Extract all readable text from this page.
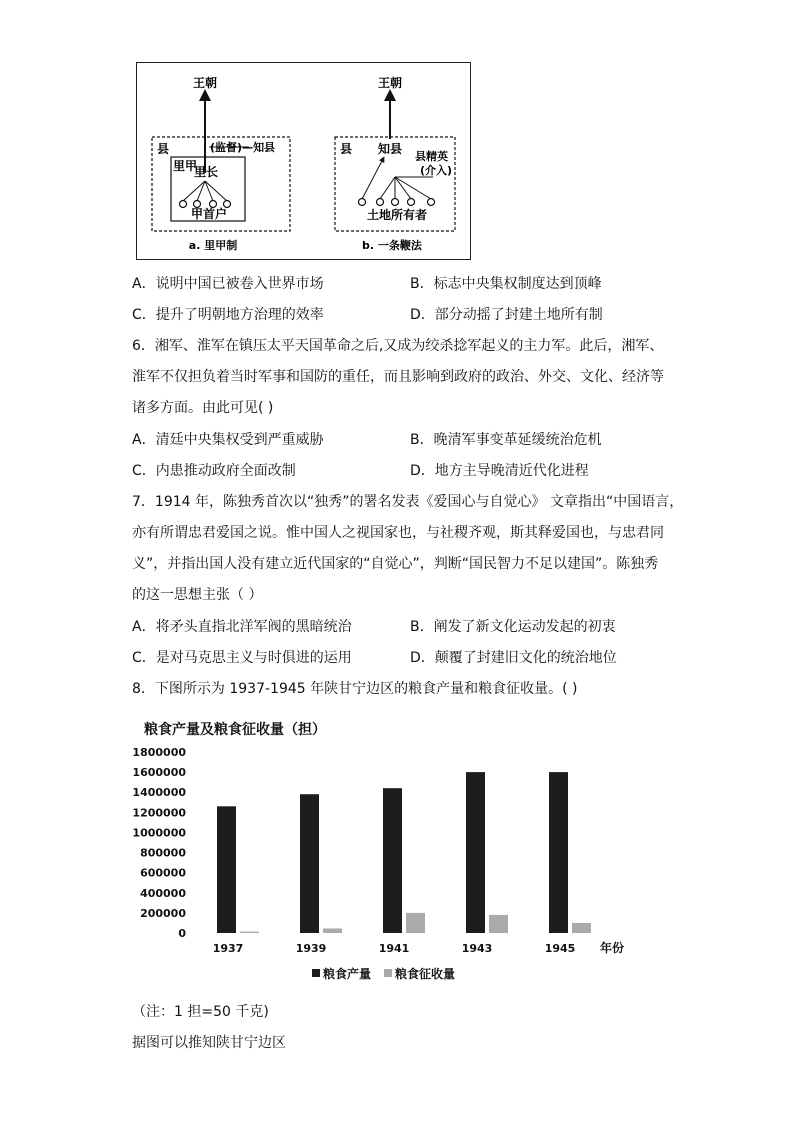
王朝
县	(监督)—知县
里甲
里长
甲首户
a. 里甲制
王朝
县 知县
县精英
(介入)
土地所有者
b. 一条鞭法
A．说明中国已被卷入世界市场	B．标志中央集权制度达到顶峰
C．提升了明朝地方治理的效率	D．部分动摇了封建土地所有制
6．湘军、淮军在镇压太平天国革命之后,又成为绞杀捻军起义的主力军。此后，湘军、
淮军不仅担负着当时军事和国防的重任，而且影响到政府的政治、外交、文化、经济等
诸多方面。由此可见( )
A．清廷中央集权受到严重威胁	B．晚清军事变革延缓统治危机
C．内患推动政府全面改制	D．地方主导晚清近代化进程
7．1914 年，陈独秀首次以“独秀”的署名发表《爱国心与自觉心》 文章指出“中国语言，
亦有所谓忠君爱国之说。惟中国人之视国家也，与社稷齐观，斯其释爱国也，与忠君同
义”，并指出国人没有建立近代国家的“自觉心”，判断“国民智力不足以建国”。陈独秀
的这一思想主张（ ）
A．将矛头直指北洋军阀的黑暗统治	B．阐发了新文化运动发起的初衷
C．是对马克思主义与时俱进的运用	D．颠覆了封建旧文化的统治地位
8．下图所示为 1937-1945 年陕甘宁边区的粮食产量和粮食征收量。( )
粮食产量及粮食征收量（担）
1800000
1600000
1400000
1200000
1000000
800000
600000
400000
200000
0
1937	1939	1941	1943	1945 年份
粮食产量 粮食征收量
（注：1 担=50 千克)
据图可以推知陕甘宁边区
